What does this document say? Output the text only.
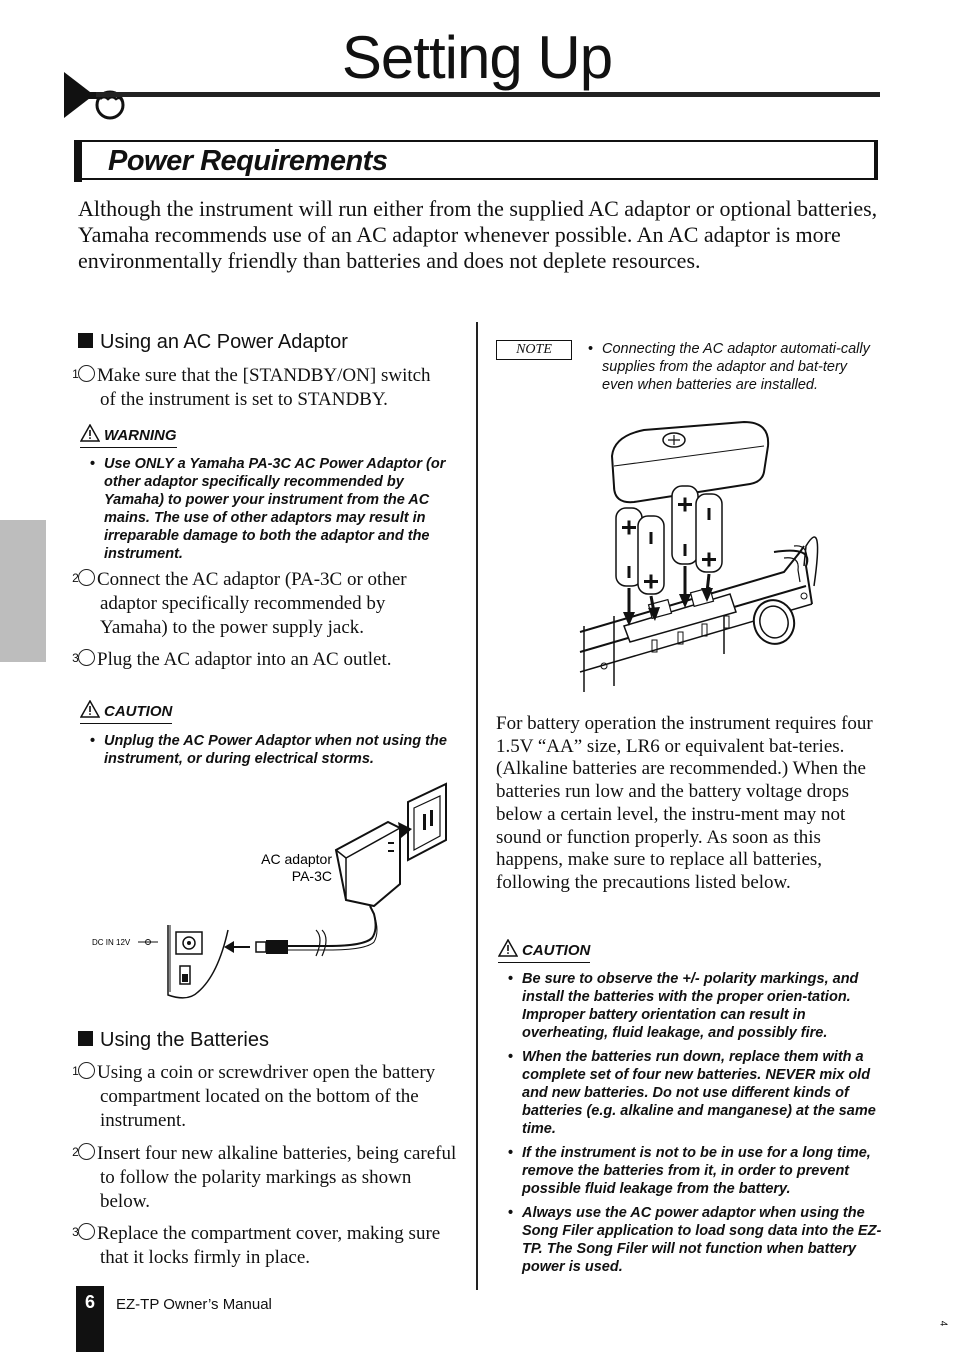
Setting Up
Power Requirements
Although the instrument will run either from the supplied AC adaptor or optional batteries, Yamaha recommends use of an AC adaptor whenever possible. An AC adaptor is more environmentally friendly than batteries and does not deplete resources.
Using an AC Power Adaptor
1 Make sure that the [STANDBY/ON] switch of the instrument is set to STANDBY.
WARNING
• Use ONLY a Yamaha PA-3C AC Power Adaptor (or other adaptor specifically recommended by Yamaha) to power your instrument from the AC mains. The use of other adaptors may result in irreparable damage to both the adaptor and the instrument.
2 Connect the AC adaptor (PA-3C or other adaptor specifically recommended by Yamaha) to the power supply jack.
3 Plug the AC adaptor into an AC outlet.
CAUTION
• Unplug the AC Power Adaptor when not using the instrument, or during electrical storms.
AC adaptor
PA-3C
DC IN 12V
Using the Batteries
1 Using a coin or screwdriver open the battery compartment located on the bottom of the instrument.
2 Insert four new alkaline batteries, being careful to follow the polarity markings as shown below.
3 Replace the compartment cover, making sure that it locks firmly in place.
NOTE
•	Connecting the AC adaptor automati-cally supplies from the adaptor and bat-tery even when batteries are installed.
For battery operation the instrument requires four 1.5V “AA” size, LR6 or equivalent bat-teries. (Alkaline batteries are recommended.) When the batteries run low and the battery voltage drops below a certain level, the instru-ment may not sound or function properly. As soon as this happens, make sure to replace all batteries, following the precautions listed below.
CAUTION
• Be sure to observe the +/- polarity markings, and install the batteries with the proper orien-tation. Improper battery orientation can result in overheating, fluid leakage, and possibly fire.
• When the batteries run down, replace them with a complete set of four new batteries. NEVER mix old and new batteries. Do not use different kinds of batteries (e.g. alkaline and manganese) at the same time.
• If the instrument is not to be in use for a long time, remove the batteries from it, in order to prevent possible fluid leakage from the battery.
• Always use the AC power adaptor when using the Song Filer application to load song data into the EZ-TP. The Song Filer will not function when battery power is used.
6	EZ-TP Owner’s Manual
4
